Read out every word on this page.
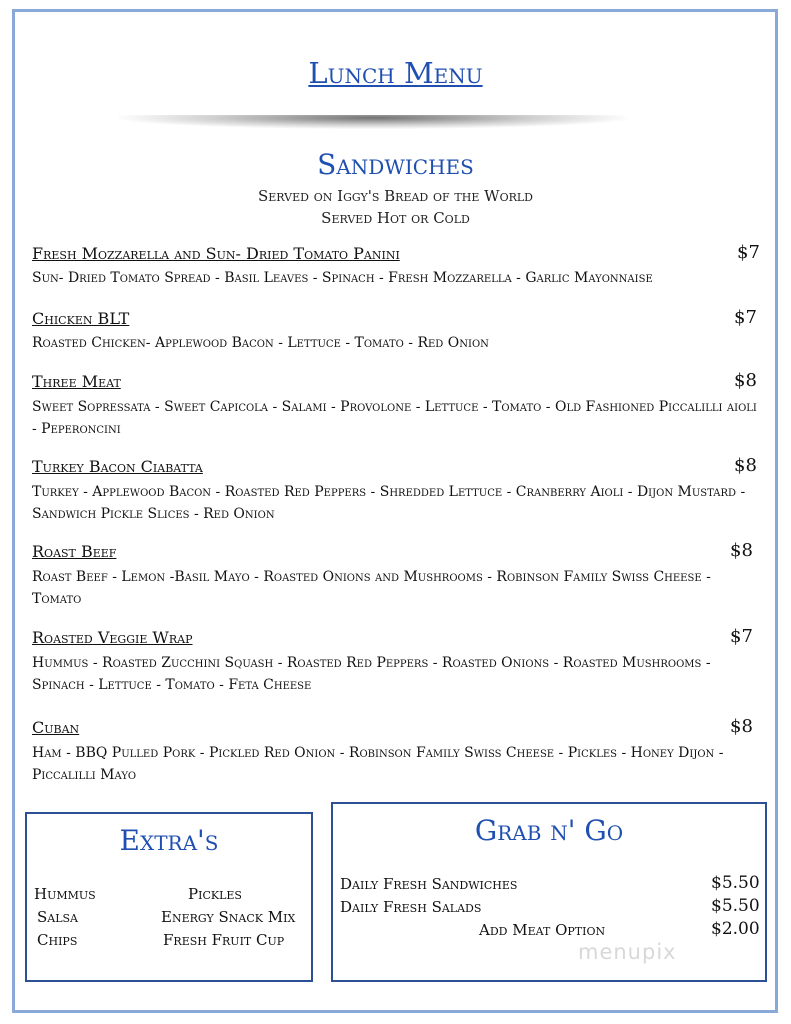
Lunch Menu
Sandwiches
Served on Iggy's Bread of the World
Served Hot or Cold
Fresh Mozzarella and Sun- Dried Tomato Panini	$7
Sun- Dried Tomato Spread - Basil Leaves - Spinach - Fresh Mozzarella - Garlic Mayonnaise
Chicken BLT	$7
Roasted Chicken- Applewood Bacon - Lettuce - Tomato - Red Onion
Three Meat	$8
Sweet Sopressata - Sweet Capicola - Salami - Provolone - Lettuce - Tomato - Old Fashioned Piccalilli aioli - Peperoncini
Turkey Bacon Ciabatta	$8
Turkey - Applewood Bacon - Roasted Red Peppers - Shredded Lettuce - Cranberry Aioli - Dijon Mustard - Sandwich Pickle Slices - Red Onion
Roast Beef	$8
Roast Beef - Lemon -Basil Mayo - Roasted Onions and Mushrooms - Robinson Family Swiss Cheese - Tomato
Roasted Veggie Wrap	$7
Hummus - Roasted Zucchini Squash - Roasted Red Peppers - Roasted Onions - Roasted Mushrooms - Spinach - Lettuce - Tomato - Feta Cheese
Cuban	$8
Ham - BBQ Pulled Pork - Pickled Red Onion - Robinson Family Swiss Cheese - Pickles - Honey Dijon - Piccalilli Mayo
Extra's
Hummus
Salsa
Chips
Pickles
Energy Snack Mix
Fresh Fruit Cup
Grab n' Go
Daily Fresh Sandwiches	$5.50
Daily Fresh Salads	$5.50
Add Meat Option	$2.00
menupix
